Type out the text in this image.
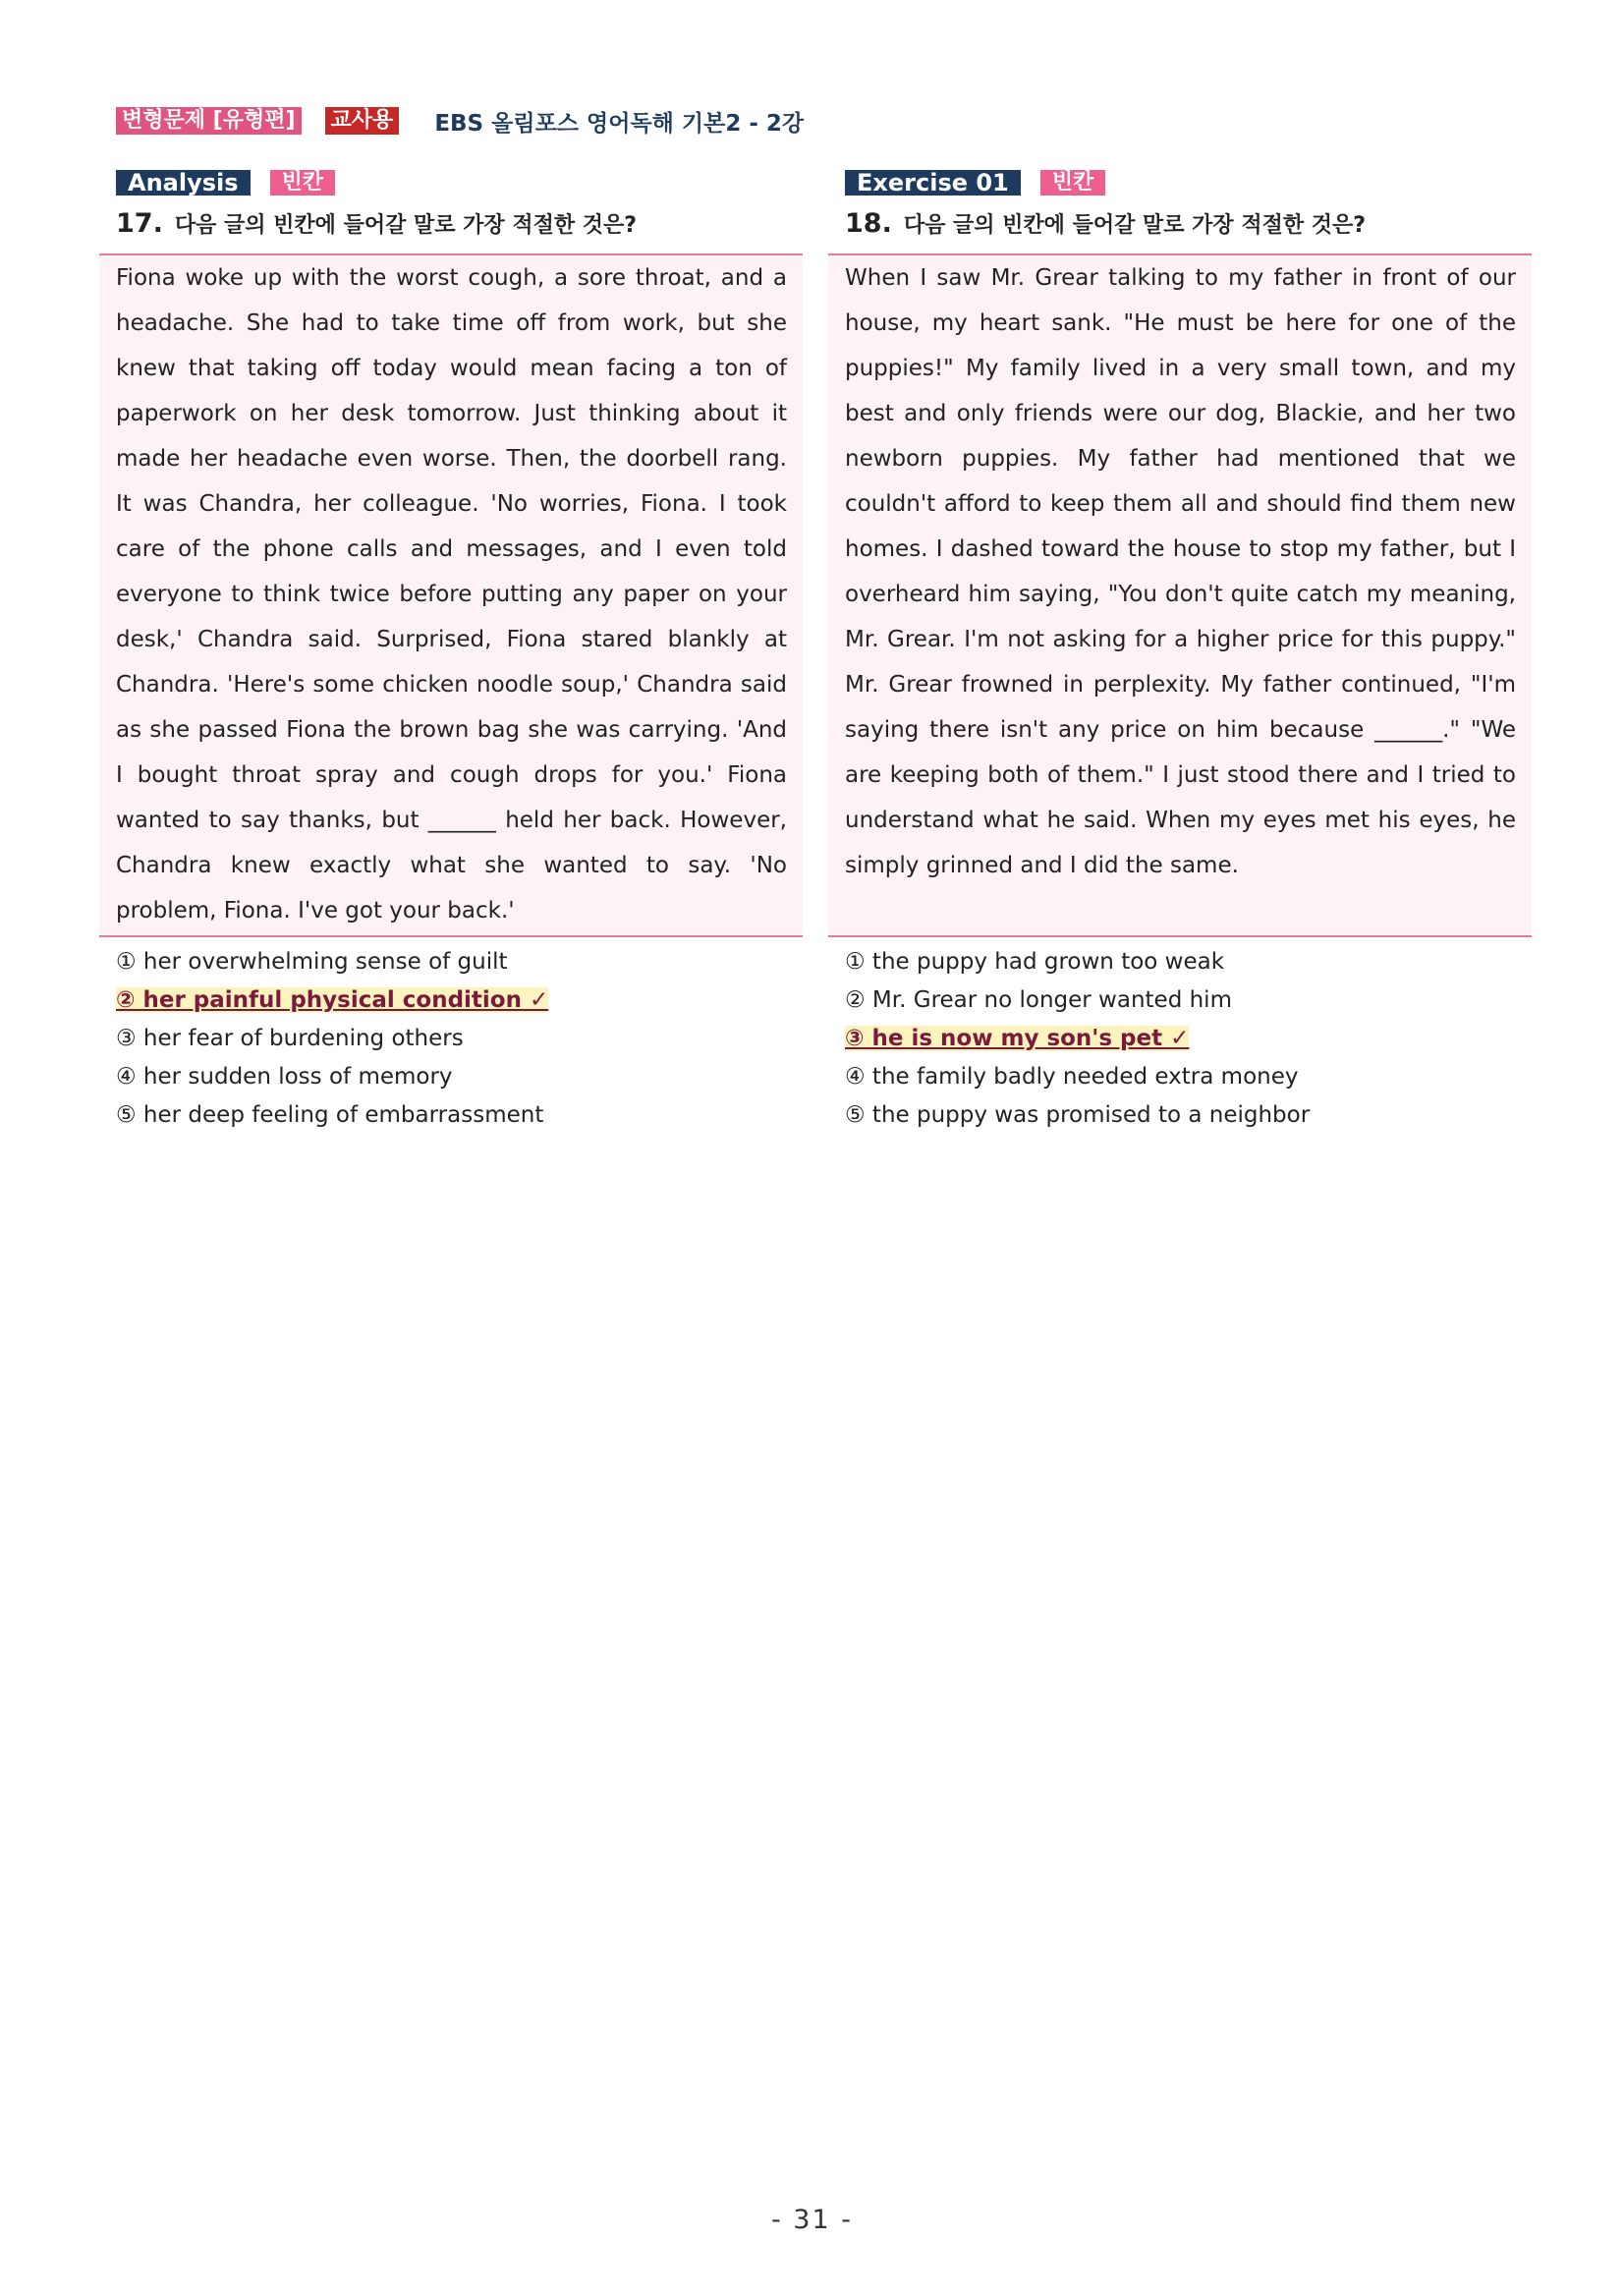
변형문제 [유형편] 교사용 EBS 올림포스 영어독해 기본2 - 2강
Analysis	빈칸
17. 다음 글의 빈칸에 들어갈 말로 가장 적절한 것은?

Fiona woke up with the worst cough, a sore throat, and a headache. She had to take time off from work, but she knew that taking off today would mean facing a ton of paperwork on her desk tomorrow. Just thinking about it made her headache even worse. Then, the doorbell rang. It was Chandra, her colleague. 'No worries, Fiona. I took care of the phone calls and messages, and I even told everyone to think twice before putting any paper on your desk,' Chandra said. Surprised, Fiona stared blankly at Chandra. 'Here's some chicken noodle soup,' Chandra said as she passed Fiona the brown bag she was carrying. 'And I bought throat spray and cough drops for you.' Fiona wanted to say thanks, but ______ held her back. However, Chandra knew exactly what she wanted to say. 'No problem, Fiona. I've got your back.'

① her overwhelming sense of guilt
② her painful physical condition ✓
③ her fear of burdening others
④ her sudden loss of memory
⑤ her deep feeling of embarrassment
Exercise 01	빈칸
18. 다음 글의 빈칸에 들어갈 말로 가장 적절한 것은?

When I saw Mr. Grear talking to my father in front of our house, my heart sank. "He must be here for one of the puppies!" My family lived in a very small town, and my best and only friends were our dog, Blackie, and her two newborn puppies. My father had mentioned that we couldn't afford to keep them all and should find them new homes. I dashed toward the house to stop my father, but I overheard him saying, "You don't quite catch my meaning, Mr. Grear. I'm not asking for a higher price for this puppy." Mr. Grear frowned in perplexity. My father continued, "I'm saying there isn't any price on him because ______." "We are keeping both of them." I just stood there and I tried to understand what he said. When my eyes met his eyes, he simply grinned and I did the same.

① the puppy had grown too weak
② Mr. Grear no longer wanted him
③ he is now my son's pet ✓
④ the family badly needed extra money
⑤ the puppy was promised to a neighbor
- 31 -
